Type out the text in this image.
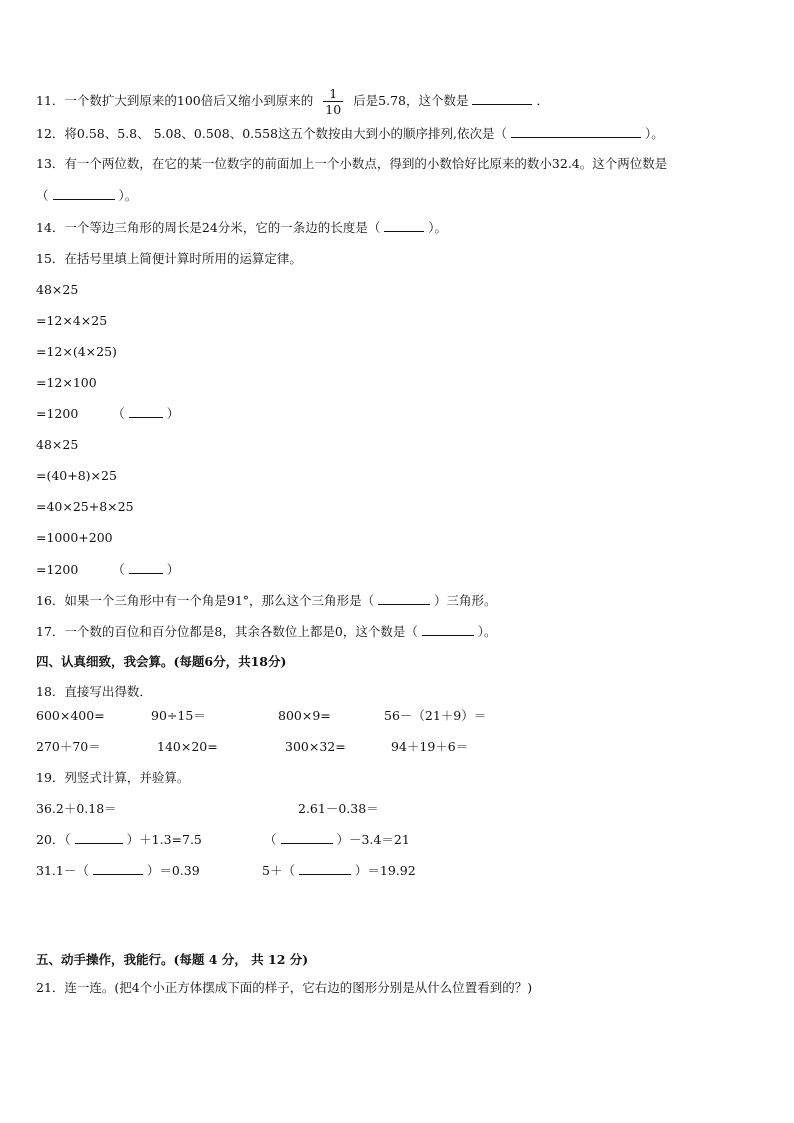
11．一个数扩大到原来的100倍后又缩小到原来的 $\frac{1}{10}$ 后是5.78，这个数是	．
12．将0.58、5.8、 5.08、0.508、0.558这五个数按由大到小的顺序排列,依次是（	）。
13．有一个两位数，在它的某一位数字的前面加上一个小数点，得到的小数恰好比原来的数小32.4。这个两位数是
（	）。
14．一个等边三角形的周长是24分米，它的一条边的长度是（	）。
15．在括号里填上简便计算时所用的运算定律。
48×25
=12×4×25
=12×(4×25)
=12×100
=1200	（	）
48×25
=(40+8)×25
=40×25+8×25
=1000+200
=1200	（	）
16．如果一个三角形中有一个角是91°，那么这个三角形是（	）三角形。
17．一个数的百位和百分位都是8，其余各数位上都是0，这个数是（	）。
四、认真细致，我会算。(每题6分，共18分)
18．直接写出得数．
600×400=	90÷15＝	800×9=	56－（21＋9）＝
270＋70＝	140×20=	300×32=	94＋19＋6＝
19．列竖式计算，并验算。
36.2＋0.18＝	2.61－0.38＝
20．（	）＋1.3=7.5	（	）－3.4＝21
31.1－（	）＝0.39	5＋（	）＝19.92
五、动手操作，我能行。(每题 4 分， 共 12 分)
21．连一连。(把4个小正方体摆成下面的样子，它右边的图形分别是从什么位置看到的？)
